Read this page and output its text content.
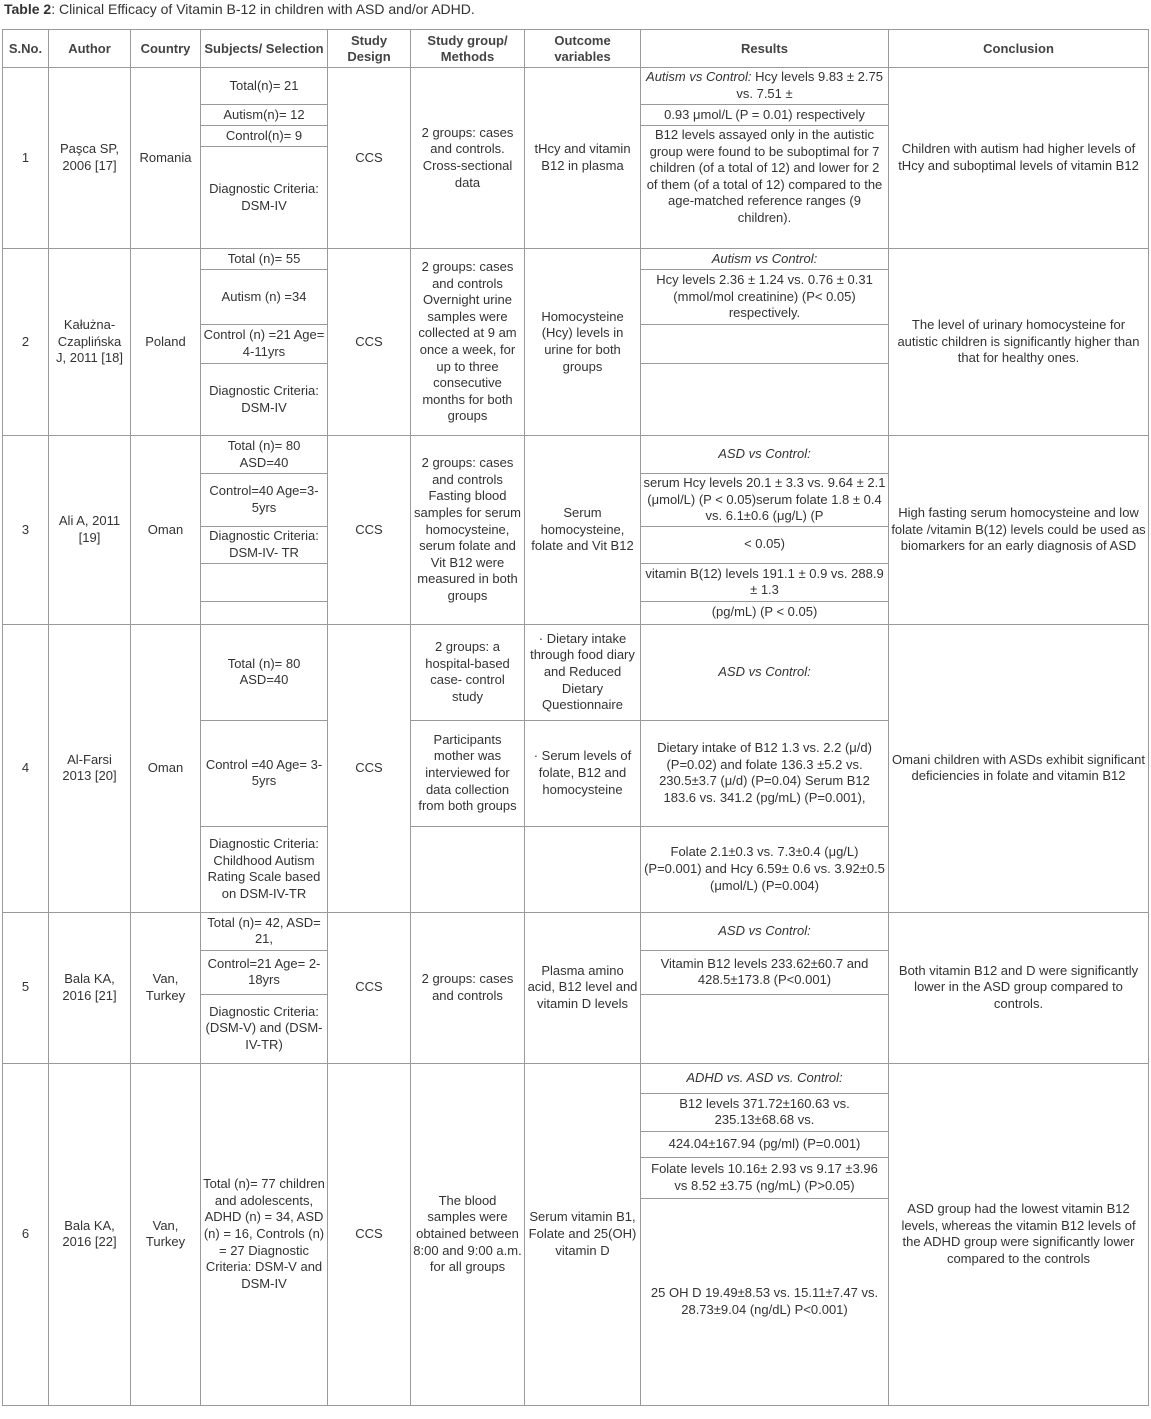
Table 2: Clinical Efficacy of Vitamin B-12 in children with ASD and/or ADHD.
S.No.	Author	Country	Subjects/ Selection	Study Design	Study group/ Methods	Outcome variables	Results	Conclusion
1	Paşca SP, 2006 [17]	Romania	Total(n)= 21	CCS	2 groups: cases and controls. Cross-sectional data	tHcy and vitamin B12 in plasma	Autism vs Control: Hcy levels 9.83 ± 2.75 vs. 7.51 ±	Children with autism had higher levels of tHcy and suboptimal levels of vitamin B12
			Autism(n)= 12				0.93 μmol/L (P = 0.01) respectively	
			Control(n)= 9				B12 levels assayed only in the autistic group were found to be suboptimal for 7 children (of a total of 12) and lower for 2 of them (of a total of 12) compared to the age-matched reference ranges (9 children).	
			Diagnostic Criteria: DSM-IV					
2	Kałużna-Czaplińska J, 2011 [18]	Poland	Total (n)= 55	CCS	2 groups: cases and controls Overnight urine samples were collected at 9 am once a week, for up to three consecutive months for both groups	Homocysteine (Hcy) levels in urine for both groups	Autism vs Control:	The level of urinary homocysteine for autistic children is significantly higher than that for healthy ones.
			Autism (n) =34				Hcy levels 2.36 ± 1.24 vs. 0.76 ± 0.31 (mmol/mol creatinine) (P< 0.05) respectively.	
			Control (n) =21 Age= 4-11yrs					
			Diagnostic Criteria: DSM-IV					
3	Ali A, 2011 [19]	Oman	Total (n)= 80 ASD=40	CCS	2 groups: cases and controls Fasting blood samples for serum homocysteine, serum folate and Vit B12 were measured in both groups	Serum homocysteine, folate and Vit B12	ASD vs Control:	High fasting serum homocysteine and low folate /vitamin B(12) levels could be used as biomarkers for an early diagnosis of ASD
			Control=40 Age=3-5yrs				serum Hcy levels 20.1 ± 3.3 vs. 9.64 ± 2.1 (μmol/L) (P < 0.05)serum folate 1.8 ± 0.4 vs. 6.1±0.6 (μg/L) (P	
			Diagnostic Criteria: DSM-IV- TR				< 0.05)	
							vitamin B(12) levels 191.1 ± 0.9 vs. 288.9 ± 1.3	
							(pg/mL) (P < 0.05)	
4	Al-Farsi 2013 [20]	Oman	Total (n)= 80 ASD=40	CCS	2 groups: a hospital-based case- control study	· Dietary intake through food diary and Reduced Dietary Questionnaire	ASD vs Control:	Omani children with ASDs exhibit significant deficiencies in folate and vitamin B12
			Control =40 Age= 3-5yrs		Participants mother was interviewed for data collection from both groups	· Serum levels of folate, B12 and homocysteine	Dietary intake of B12 1.3 vs. 2.2 (μ/d) (P=0.02) and folate 136.3 ±5.2 vs. 230.5±3.7 (μ/d) (P=0.04) Serum B12 183.6 vs. 341.2 (pg/mL) (P=0.001),	
			Diagnostic Criteria: Childhood Autism Rating Scale based on DSM-IV-TR				Folate 2.1±0.3 vs. 7.3±0.4 (μg/L) (P=0.001) and Hcy 6.59± 0.6 vs. 3.92±0.5 (μmol/L) (P=0.004)	
5	Bala KA, 2016 [21]	Van, Turkey	Total (n)= 42, ASD= 21,	CCS	2 groups: cases and controls	Plasma amino acid, B12 level and vitamin D levels	ASD vs Control:	Both vitamin B12 and D were significantly lower in the ASD group compared to controls.
			Control=21 Age= 2-18yrs				Vitamin B12 levels 233.62±60.7 and 428.5±173.8 (P<0.001)	
			Diagnostic Criteria: (DSM-V) and (DSM-IV-TR)					
6	Bala KA, 2016 [22]	Van, Turkey	Total (n)= 77 children and adolescents, ADHD (n) = 34, ASD (n) = 16, Controls (n) = 27 Diagnostic Criteria: DSM-V and DSM-IV	CCS	The blood samples were obtained between 8:00 and 9:00 a.m. for all groups	Serum vitamin B1, Folate and 25(OH) vitamin D	ADHD vs. ASD vs. Control:	ASD group had the lowest vitamin B12 levels, whereas the vitamin B12 levels of the ADHD group were significantly lower compared to the controls
							B12 levels 371.72±160.63 vs. 235.13±68.68 vs.	
							424.04±167.94 (pg/ml) (P=0.001)	
							Folate levels 10.16± 2.93 vs 9.17 ±3.96 vs 8.52 ±3.75 (ng/mL) (P>0.05)	
							25 OH D 19.49±8.53 vs. 15.11±7.47 vs. 28.73±9.04 (ng/dL) P<0.001)	
